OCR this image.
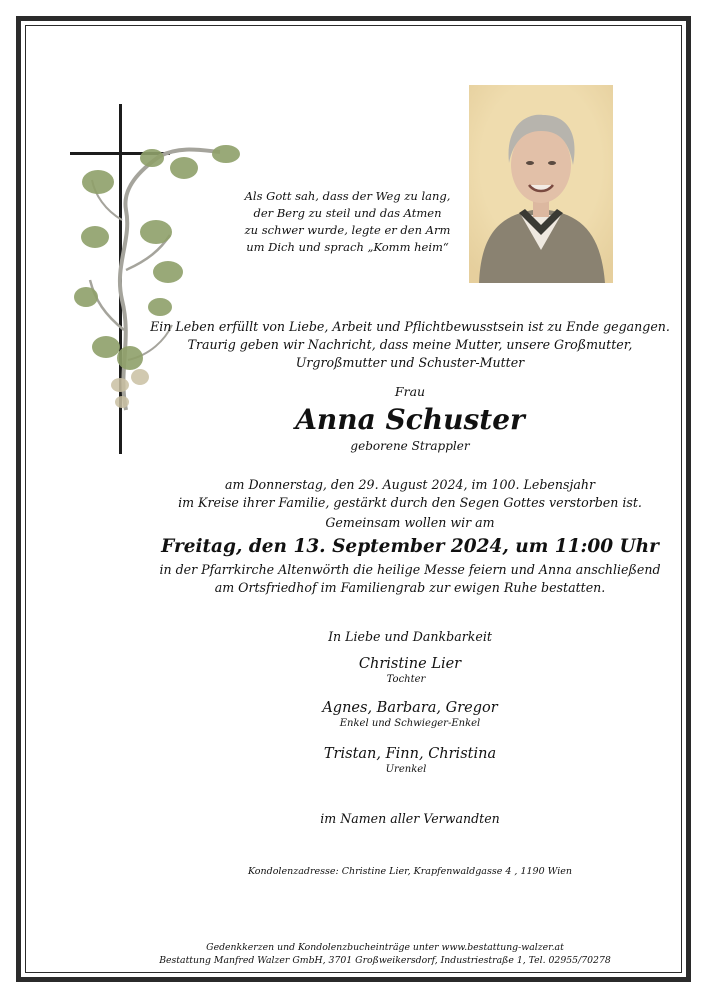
Als Gott sah, dass der Weg zu lang,
der Berg zu steil und das Atmen
zu schwer wurde, legte er den Arm
um Dich und sprach „Komm heim“
Ein Leben erfüllt von Liebe, Arbeit und Pflichtbewusstsein ist zu Ende gegangen.
Traurig geben wir Nachricht, dass meine Mutter, unsere Großmutter,
Urgroßmutter und Schuster-Mutter
Frau
Anna Schuster
geborene Strappler
am Donnerstag, den 29. August 2024, im 100. Lebensjahr
im Kreise ihrer Familie, gestärkt durch den Segen Gottes verstorben ist.
Gemeinsam wollen wir am
Freitag, den 13. September 2024, um 11:00 Uhr
in der Pfarrkirche Altenwörth die heilige Messe feiern und Anna anschließend
am Ortsfriedhof im Familiengrab zur ewigen Ruhe bestatten.
In Liebe und Dankbarkeit
Christine Lier
Tochter
Agnes, Barbara, Gregor
Enkel und Schwieger-Enkel
Tristan, Finn, Christina
Urenkel
im Namen aller Verwandten
Kondolenzadresse: Christine Lier, Krapfenwaldgasse 4 , 1190 Wien
Gedenkkerzen und Kondolenzbucheinträge unter www.bestattung-walzer.at
Bestattung Manfred Walzer GmbH, 3701 Großweikersdorf, Industriestraße 1, Tel. 02955/70278
